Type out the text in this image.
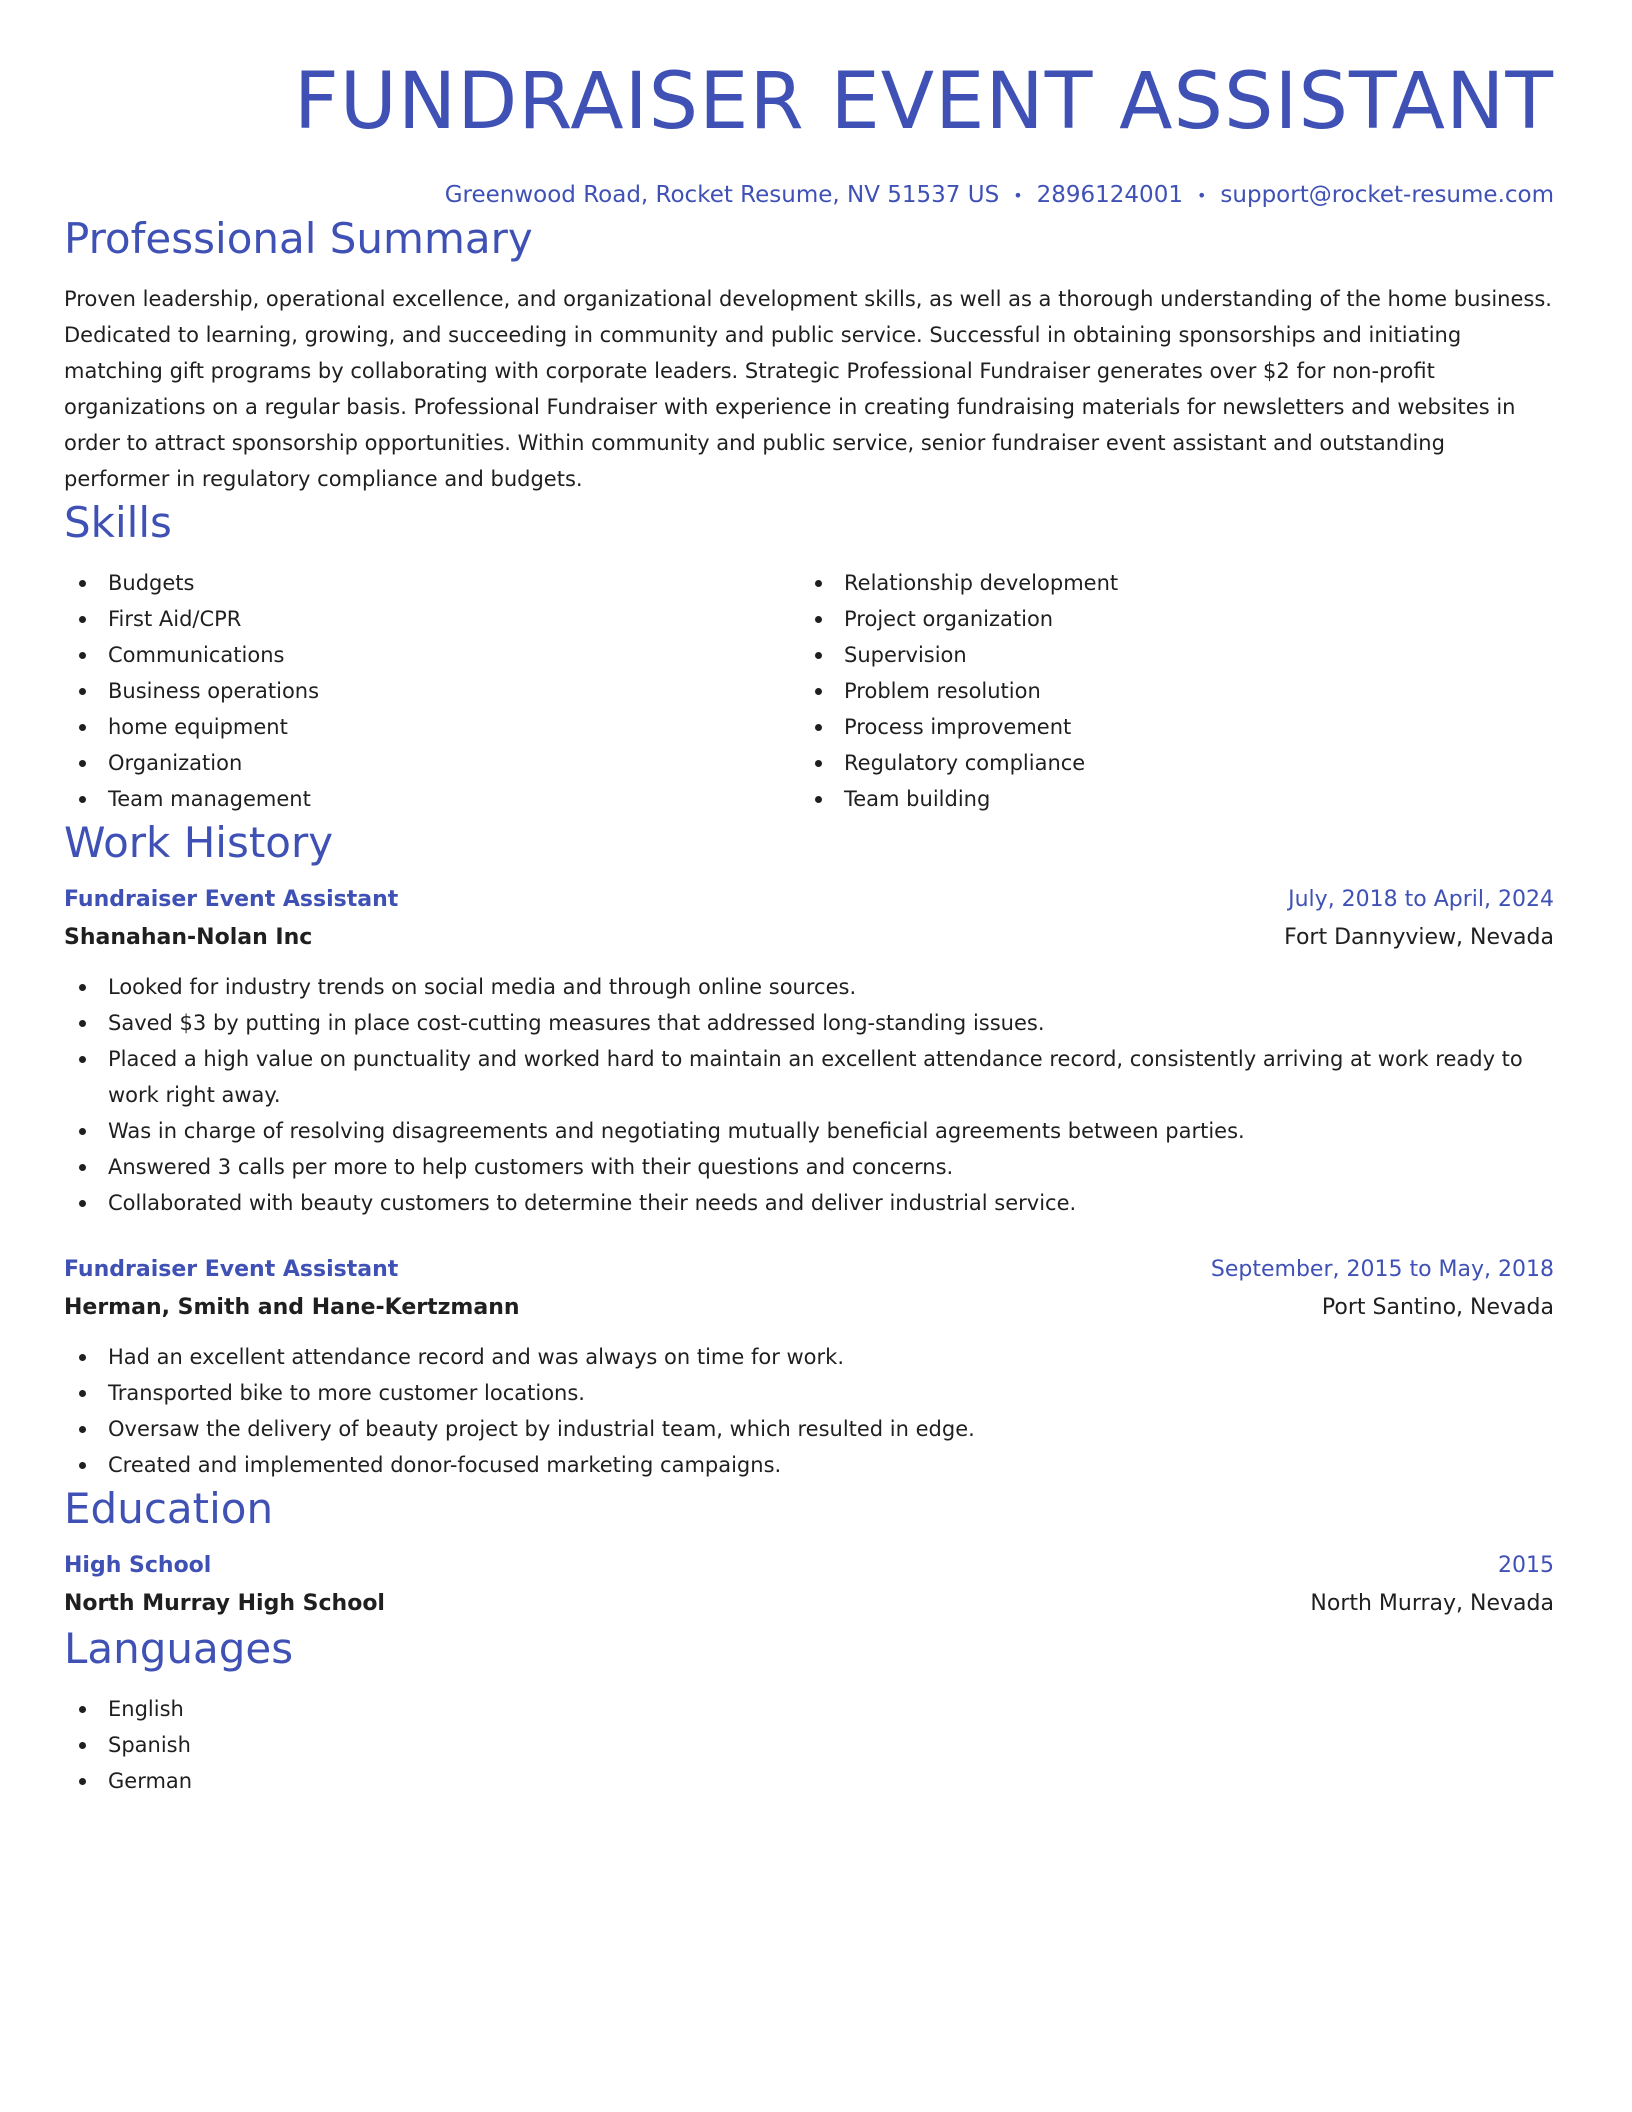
FUNDRAISER EVENT ASSISTANT
Greenwood Road, Rocket Resume, NV 51537 US • 2896124001 • support@rocket-resume.com
Professional Summary
Proven leadership, operational excellence, and organizational development skills, as well as a thorough understanding of the home business. Dedicated to learning, growing, and succeeding in community and public service. Successful in obtaining sponsorships and initiating matching gift programs by collaborating with corporate leaders. Strategic Professional Fundraiser generates over $2 for non-profit organizations on a regular basis. Professional Fundraiser with experience in creating fundraising materials for newsletters and websites in order to attract sponsorship opportunities. Within community and public service, senior fundraiser event assistant and outstanding performer in regulatory compliance and budgets.
Skills
Budgets
First Aid/CPR
Communications
Business operations
home equipment
Organization
Team management
Relationship development
Project organization
Supervision
Problem resolution
Process improvement
Regulatory compliance
Team building
Work History
Fundraiser Event Assistant	July, 2018 to April, 2024
Shanahan-Nolan Inc	Fort Dannyview, Nevada
Looked for industry trends on social media and through online sources.
Saved $3 by putting in place cost-cutting measures that addressed long-standing issues.
Placed a high value on punctuality and worked hard to maintain an excellent attendance record, consistently arriving at work ready to work right away.
Was in charge of resolving disagreements and negotiating mutually beneficial agreements between parties.
Answered 3 calls per more to help customers with their questions and concerns.
Collaborated with beauty customers to determine their needs and deliver industrial service.
Fundraiser Event Assistant	September, 2015 to May, 2018
Herman, Smith and Hane-Kertzmann	Port Santino, Nevada
Had an excellent attendance record and was always on time for work.
Transported bike to more customer locations.
Oversaw the delivery of beauty project by industrial team, which resulted in edge.
Created and implemented donor-focused marketing campaigns.
Education
High School	2015
North Murray High School	North Murray, Nevada
Languages
English
Spanish
German
